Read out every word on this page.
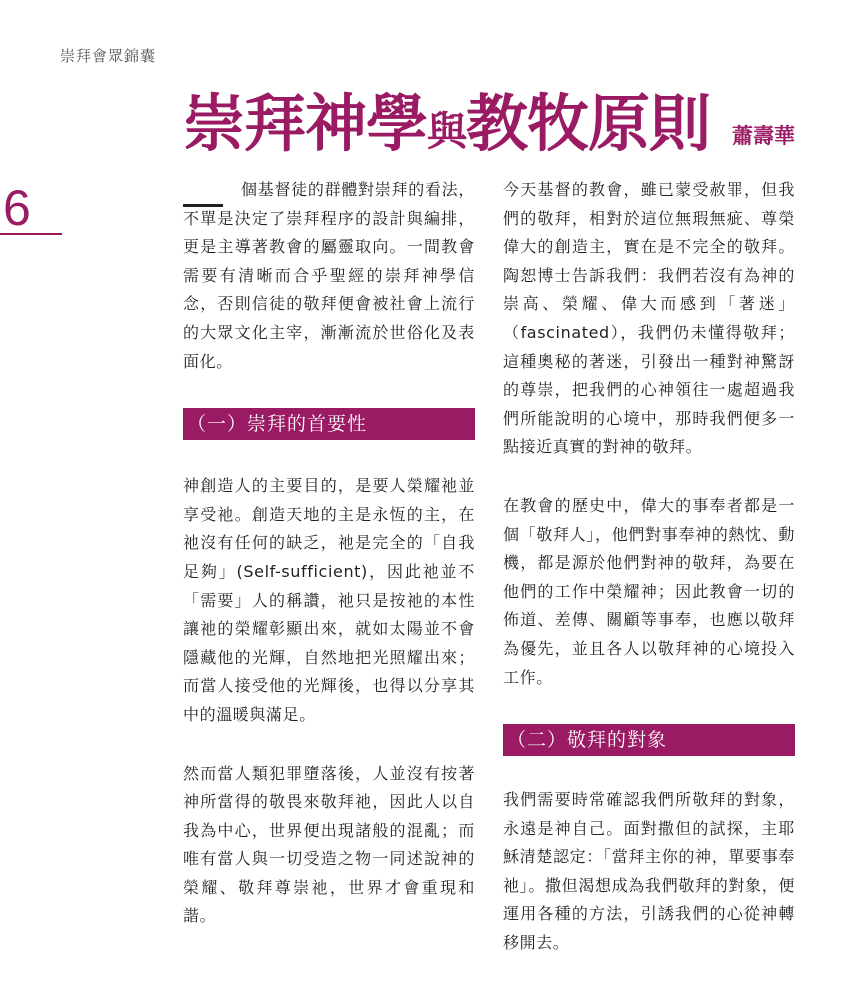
崇拜會眾錦囊
6
崇拜神學與教牧原則 蕭壽華

個基督徒的群體對崇拜的看法，不單是決定了崇拜程序的設計與編排，更是主導著教會的屬靈取向。一間教會需要有清晰而合乎聖經的崇拜神學信念，否則信徒的敬拜便會被社會上流行的大眾文化主宰，漸漸流於世俗化及表面化。

（一）崇拜的首要性

神創造人的主要目的，是要人榮耀祂並享受祂。創造天地的主是永恆的主，在祂沒有任何的缺乏，祂是完全的「自我足夠」(Self-sufficient)，因此祂並不「需要」人的稱讚，祂只是按祂的本性讓祂的榮耀彰顯出來，就如太陽並不會隱藏他的光輝，自然地把光照耀出來；而當人接受他的光輝後，也得以分享其中的溫暖與滿足。

然而當人類犯罪墮落後，人並沒有按著神所當得的敬畏來敬拜祂，因此人以自我為中心，世界便出現諸般的混亂；而唯有當人與一切受造之物一同述說神的榮耀、敬拜尊崇祂，世界才會重現和諧。

今天基督的教會，雖已蒙受赦罪，但我們的敬拜，相對於這位無瑕無疵、尊榮偉大的創造主，實在是不完全的敬拜。陶恕博士告訴我們：我們若沒有為神的崇高、榮耀、偉大而感到「著迷」（fascinated），我們仍未懂得敬拜；這種奧秘的著迷，引發出一種對神驚訝的尊崇，把我們的心神領往一處超過我們所能說明的心境中，那時我們便多一點接近真實的對神的敬拜。

在教會的歷史中，偉大的事奉者都是一個「敬拜人」，他們對事奉神的熱忱、動機，都是源於他們對神的敬拜，為要在他們的工作中榮耀神；因此教會一切的佈道、差傳、關顧等事奉，也應以敬拜為優先，並且各人以敬拜神的心境投入工作。

（二）敬拜的對象

我們需要時常確認我們所敬拜的對象，永遠是神自己。面對撒但的試探，主耶穌清楚認定：「當拜主你的神，單要事奉祂」。撒但渴想成為我們敬拜的對象，便運用各種的方法，引誘我們的心從神轉移開去。
